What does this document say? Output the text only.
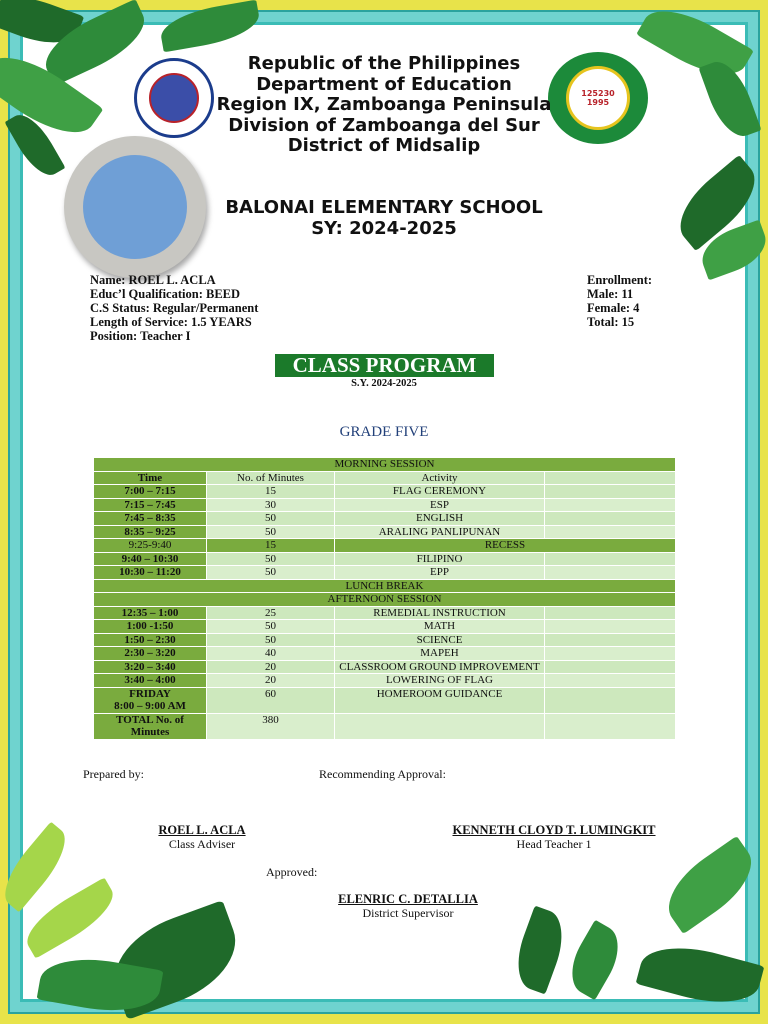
125230
1995
Republic of the Philippines
Department of Education
Region IX, Zamboanga Peninsula
Division of Zamboanga del Sur
District of Midsalip
BALONAI ELEMENTARY SCHOOL
SY: 2024-2025
Name: ROEL L. ACLA
Educ’l Qualification: BEED
C.S Status: Regular/Permanent
Length of Service: 1.5 YEARS
Position: Teacher I
Enrollment:
Male: 11
Female: 4
Total: 15
CLASS PROGRAM
S.Y. 2024-2025
GRADE FIVE
MORNING SESSION			
Time	No. of Minutes	Activity	
7:00 – 7:15	15	FLAG CEREMONY	
7:15 – 7:45	30	ESP	
7:45 – 8:35	50	ENGLISH	
8:35 – 9:25	50	ARALING PANLIPUNAN	
9:25-9:40	15	RECESS	
9:40 – 10:30	50	FILIPINO	
10:30 – 11:20	50	EPP	
LUNCH BREAK			
AFTERNOON SESSION			
12:35 – 1:00	25	REMEDIAL INSTRUCTION	
1:00 -1:50	50	MATH	
1:50 – 2:30	50	SCIENCE	
2:30 – 3:20	40	MAPEH	
3:20 – 3:40	20	CLASSROOM GROUND IMPROVEMENT	
3:40 – 4:00	20	LOWERING OF FLAG	

FRIDAY
8:00 – 9:00 AM	60	HOMEROOM GUIDANCE	

TOTAL No. of
Minutes	380		
Prepared by:	Recommending Approval:
ROEL L. ACLA
Class Adviser
KENNETH CLOYD T. LUMINGKIT
Head Teacher 1
Approved:
ELENRIC C. DETALLIA
District Supervisor
